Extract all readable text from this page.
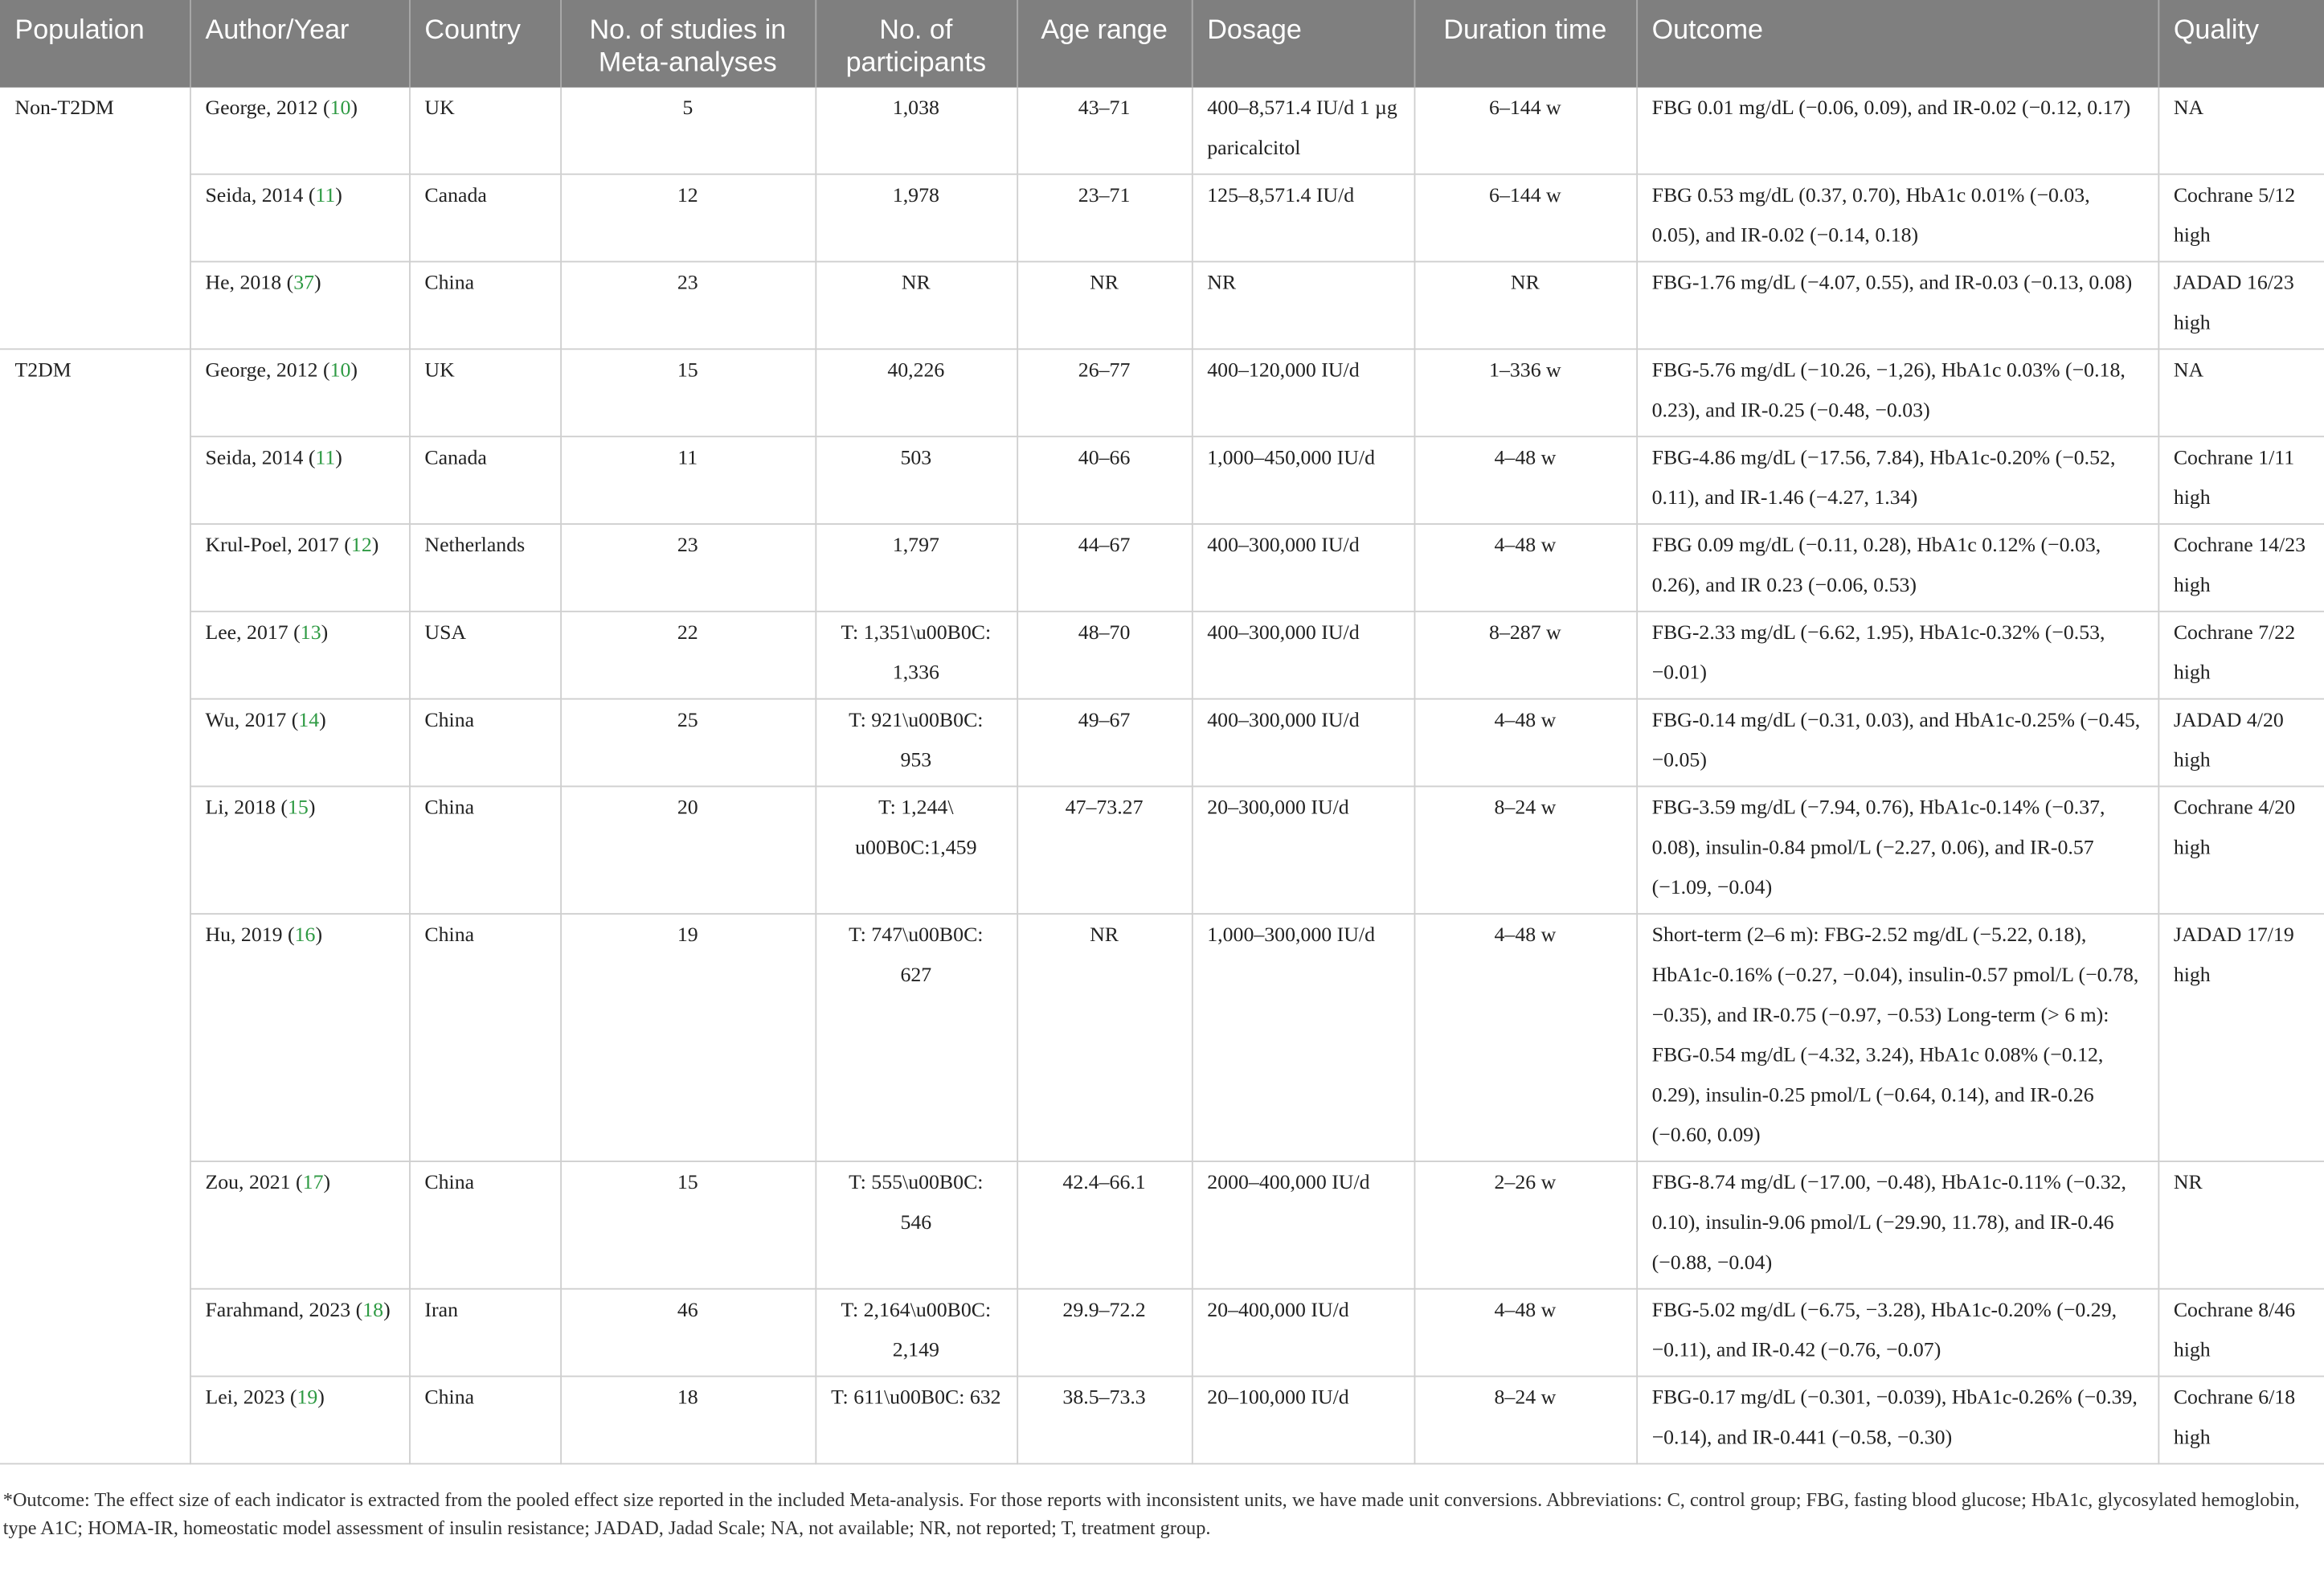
Population	Author/Year	Country	No. of studies in Meta-analyses	No. of participants	Age range	Dosage	Duration time	Outcome	Quality
Non-T2DM	George, 2012 (10)	UK	5	1,038	43–71	400–8,571.4 IU/d 1 µg paricalcitol	6–144 w	FBG 0.01 mg/dL (−0.06, 0.09), and IR-0.02 (−0.12, 0.17)	NA
	Seida, 2014 (11)	Canada	12	1,978	23–71	125–8,571.4 IU/d	6–144 w	FBG 0.53 mg/dL (0.37, 0.70), HbA1c 0.01% (−0.03, 0.05), and IR-0.02 (−0.14, 0.18)	Cochrane 5/12 high
	He, 2018 (37)	China	23	NR	NR	NR	NR	FBG-1.76 mg/dL (−4.07, 0.55), and IR-0.03 (−0.13, 0.08)	JADAD 16/23 high
T2DM	George, 2012 (10)	UK	15	40,226	26–77	400–120,000 IU/d	1–336 w	FBG-5.76 mg/dL (−10.26, −1,26), HbA1c 0.03% (−0.18, 0.23), and IR-0.25 (−0.48, −0.03)	NA
	Seida, 2014 (11)	Canada	11	503	40–66	1,000–450,000 IU/d	4–48 w	FBG-4.86 mg/dL (−17.56, 7.84), HbA1c-0.20% (−0.52, 0.11), and IR-1.46 (−4.27, 1.34)	Cochrane 1/11 high
	Krul-Poel, 2017 (12)	Netherlands	23	1,797	44–67	400–300,000 IU/d	4–48 w	FBG 0.09 mg/dL (−0.11, 0.28), HbA1c 0.12% (−0.03, 0.26), and IR 0.23 (−0.06, 0.53)	Cochrane 14/23 high
	Lee, 2017 (13)	USA	22	T: 1,351\u00B0C: 1,336	48–70	400–300,000 IU/d	8–287 w	FBG-2.33 mg/dL (−6.62, 1.95), HbA1c-0.32% (−0.53, −0.01)	Cochrane 7/22 high
	Wu, 2017 (14)	China	25	T: 921\u00B0C: 953	49–67	400–300,000 IU/d	4–48 w	FBG-0.14 mg/dL (−0.31, 0.03), and HbA1c-0.25% (−0.45, −0.05)	JADAD 4/20 high
	Li, 2018 (15)	China	20	T: 1,244\ u00B0C:1,459	47–73.27	20–300,000 IU/d	8–24 w	FBG-3.59 mg/dL (−7.94, 0.76), HbA1c-0.14% (−0.37, 0.08), insulin-0.84 pmol/L (−2.27, 0.06), and IR-0.57 (−1.09, −0.04)	Cochrane 4/20 high
	Hu, 2019 (16)	China	19	T: 747\u00B0C: 627	NR	1,000–300,000 IU/d	4–48 w	Short-term (2–6 m): FBG-2.52 mg/dL (−5.22, 0.18), HbA1c-0.16% (−0.27, −0.04), insulin-0.57 pmol/L (−0.78, −0.35), and IR-0.75 (−0.97, −0.53) Long-term (> 6 m): FBG-0.54 mg/dL (−4.32, 3.24), HbA1c 0.08% (−0.12, 0.29), insulin-0.25 pmol/L (−0.64, 0.14), and IR-0.26 (−0.60, 0.09)	JADAD 17/19 high
	Zou, 2021 (17)	China	15	T: 555\u00B0C: 546	42.4–66.1	2000–400,000 IU/d	2–26 w	FBG-8.74 mg/dL (−17.00, −0.48), HbA1c-0.11% (−0.32, 0.10), insulin-9.06 pmol/L (−29.90, 11.78), and IR-0.46 (−0.88, −0.04)	NR
	Farahmand, 2023 (18)	Iran	46	T: 2,164\u00B0C: 2,149	29.9–72.2	20–400,000 IU/d	4–48 w	FBG-5.02 mg/dL (−6.75, −3.28), HbA1c-0.20% (−0.29, −0.11), and IR-0.42 (−0.76, −0.07)	Cochrane 8/46 high
	Lei, 2023 (19)	China	18	T: 611\u00B0C: 632	38.5–73.3	20–100,000 IU/d	8–24 w	FBG-0.17 mg/dL (−0.301, −0.039), HbA1c-0.26% (−0.39, −0.14), and IR-0.441 (−0.58, −0.30)	Cochrane 6/18 high
*Outcome: The effect size of each indicator is extracted from the pooled effect size reported in the included Meta-analysis. For those reports with inconsistent units, we have made unit conversions. Abbreviations: C, control group; FBG, fasting blood glucose; HbA1c, glycosylated hemoglobin, type A1C; HOMA-IR, homeostatic model assessment of insulin resistance; JADAD, Jadad Scale; NA, not available; NR, not reported; T, treatment group.
